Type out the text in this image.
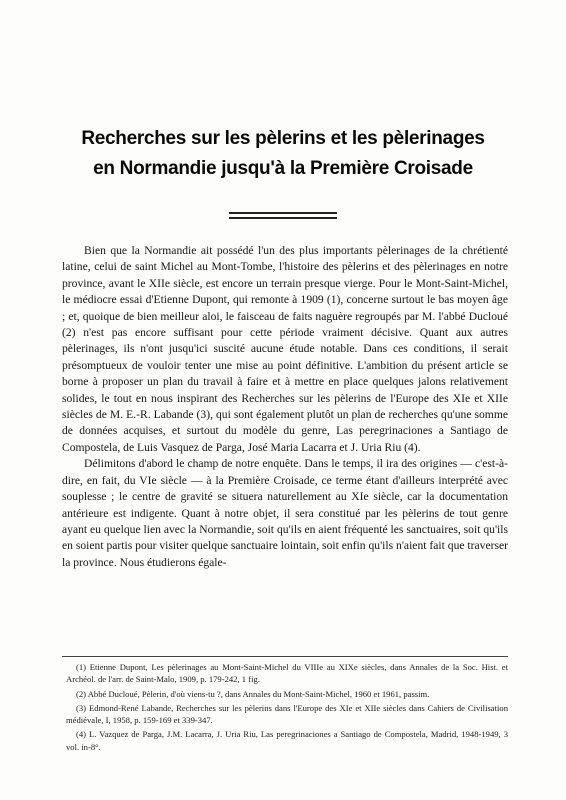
Recherches sur les pèlerins et les pèlerinages
en Normandie jusqu'à la Première Croisade

Bien que la Normandie ait possédé l'un des plus importants pèlerinages de la chrétienté latine, celui de saint Michel au Mont-Tombe, l'histoire des pèlerins et des pèlerinages en notre province, avant le XIIe siècle, est encore un terrain presque vierge. Pour le Mont-Saint-Michel, le médiocre essai d'Etienne Dupont, qui remonte à 1909 (1), concerne surtout le bas moyen âge ; et, quoique de bien meilleur aloi, le faisceau de faits naguère regroupés par M. l'abbé Ducloué (2) n'est pas encore suffisant pour cette période vraiment décisive. Quant aux autres pèlerinages, ils n'ont jusqu'ici suscité aucune étude notable. Dans ces conditions, il serait présomptueux de vouloir tenter une mise au point définitive. L'ambition du présent article se borne à proposer un plan du travail à faire et à mettre en place quelques jalons relativement solides, le tout en nous inspirant des Recherches sur les pèlerins de l'Europe des XIe et XIIe siècles de M. E.-R. Labande (3), qui sont également plutôt un plan de recherches qu'une somme de données acquises, et surtout du modèle du genre, Las peregrinaciones a Santiago de Compostela, de Luis Vasquez de Parga, José Maria Lacarra et J. Uria Riu (4).

Délimitons d'abord le champ de notre enquête. Dans le temps, il ira des origines — c'est-à-dire, en fait, du VIe siècle — à la Première Croisade, ce terme étant d'ailleurs interprété avec souplesse ; le centre de gravité se situera naturellement au XIe siècle, car la documentation antérieure est indigente. Quant à notre objet, il sera constitué par les pèlerins de tout genre ayant eu quelque lien avec la Normandie, soit qu'ils en aient fréquenté les sanctuaires, soit qu'ils en soient partis pour visiter quelque sanctuaire lointain, soit enfin qu'ils n'aient fait que traverser la province. Nous étudierons égale-

(1) Etienne Dupont, Les pèlerinages au Mont-Saint-Michel du VIIIe au XIXe siècles, dans Annales de la Soc. Hist. et Archéol. de l'arr. de Saint-Malo, 1909, p. 179-242, 1 fig.

(2) Abbé Ducloué, Pèlerin, d'où viens-tu ?, dans Annales du Mont-Saint-Michel, 1960 et 1961, passim.

(3) Edmond-René Labande, Recherches sur les pèlerins dans l'Europe des XIe et XIIe siècles dans Cahiers de Civilisation médiévale, I, 1958, p. 159-169 et 339-347.

(4) L. Vazquez de Parga, J.M. Lacarra, J. Uria Riu, Las peregrinaciones a Santiago de Compostela, Madrid, 1948-1949, 3 vol. in-8°.
